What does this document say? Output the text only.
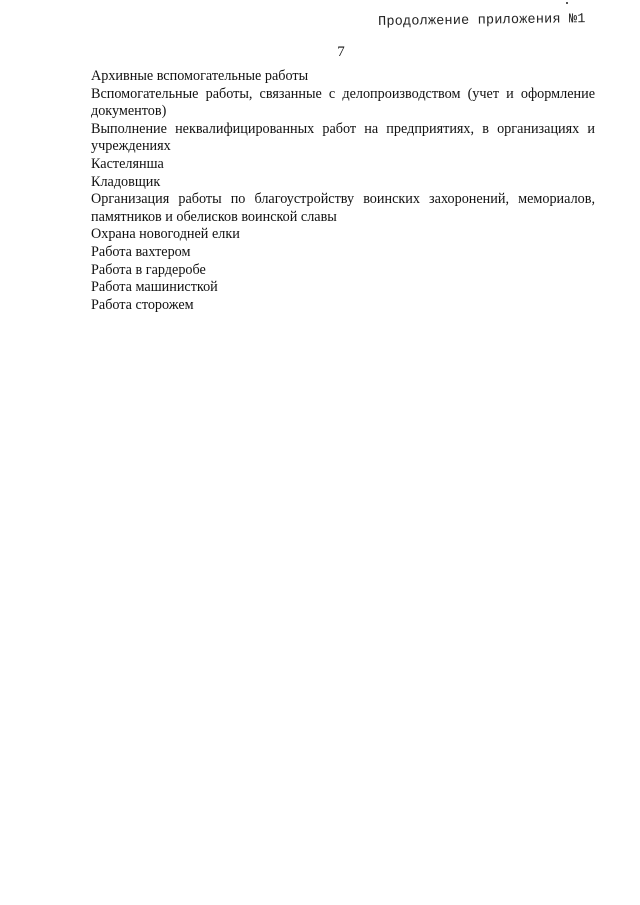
Продолжение приложения №1
7

Архивные вспомогательные работы

Вспомогательные работы, связанные с делопроизводством (учет и оформление документов)

Выполнение неквалифицированных работ на предприятиях, в организациях и учреждениях

Кастелянша

Кладовщик

Организация работы по благоустройству воинских захоронений, мемориалов, памятников и обелисков воинской славы

Охрана новогодней елки

Работа вахтером

Работа в гардеробе

Работа машинисткой

Работа сторожем
